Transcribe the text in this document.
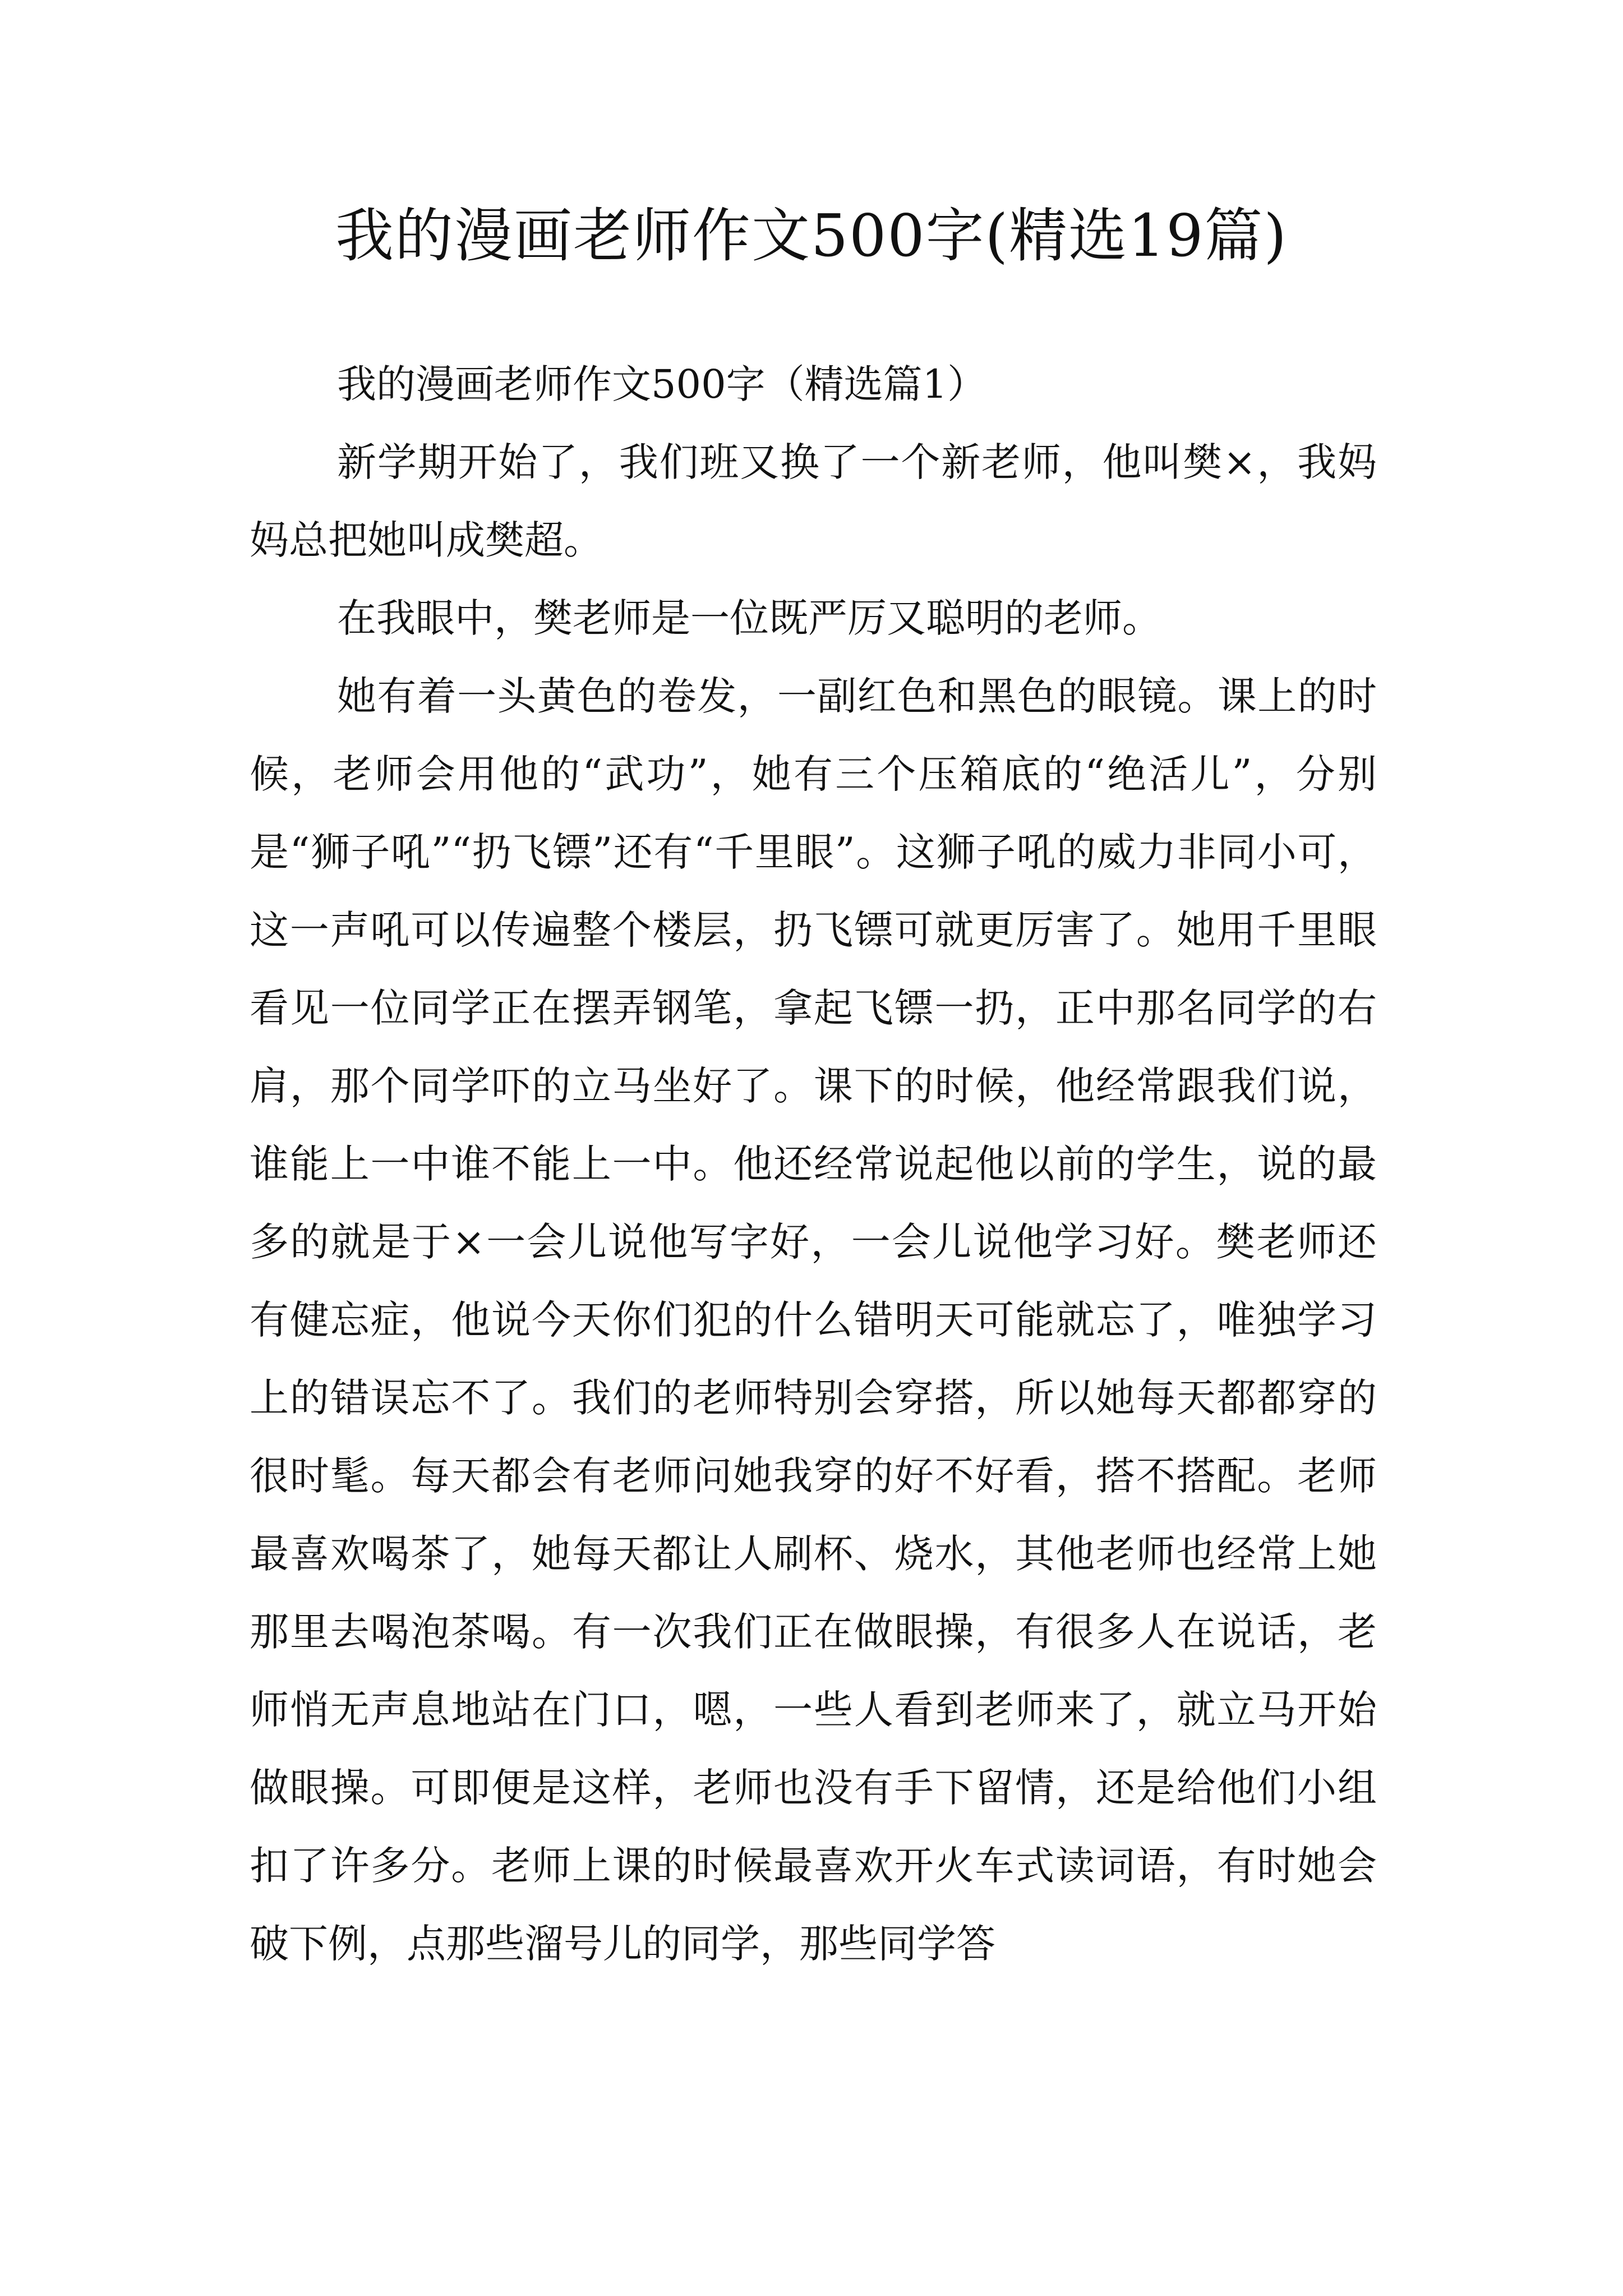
我的漫画老师作文500字(精选19篇)

我的漫画老师作文500字（精选篇1）

新学期开始了，我们班又换了一个新老师，他叫樊×，我妈妈总把她叫成樊超。

在我眼中，樊老师是一位既严厉又聪明的老师。

她有着一头黄色的卷发，一副红色和黑色的眼镜。课上的时候，老师会用他的“武功”，她有三个压箱底的“绝活儿”，分别是“狮子吼”“扔飞镖”还有“千里眼”。这狮子吼的威力非同小可，这一声吼可以传遍整个楼层，扔飞镖可就更厉害了。她用千里眼看见一位同学正在摆弄钢笔，拿起飞镖一扔，正中那名同学的右肩，那个同学吓的立马坐好了。课下的时候，他经常跟我们说，谁能上一中谁不能上一中。他还经常说起他以前的学生，说的最多的就是于×一会儿说他写字好，一会儿说他学习好。樊老师还有健忘症，他说今天你们犯的什么错明天可能就忘了，唯独学习上的错误忘不了。我们的老师特别会穿搭，所以她每天都都穿的很时髦。每天都会有老师问她我穿的好不好看，搭不搭配。老师最喜欢喝茶了，她每天都让人刷杯、烧水，其他老师也经常上她那里去喝泡茶喝。有一次我们正在做眼操，有很多人在说话，老师悄无声息地站在门口，嗯，一些人看到老师来了，就立马开始做眼操。可即便是这样，老师也没有手下留情，还是给他们小组扣了许多分。老师上课的时候最喜欢开火车式读词语，有时她会破下例，点那些溜号儿的同学，那些同学答
